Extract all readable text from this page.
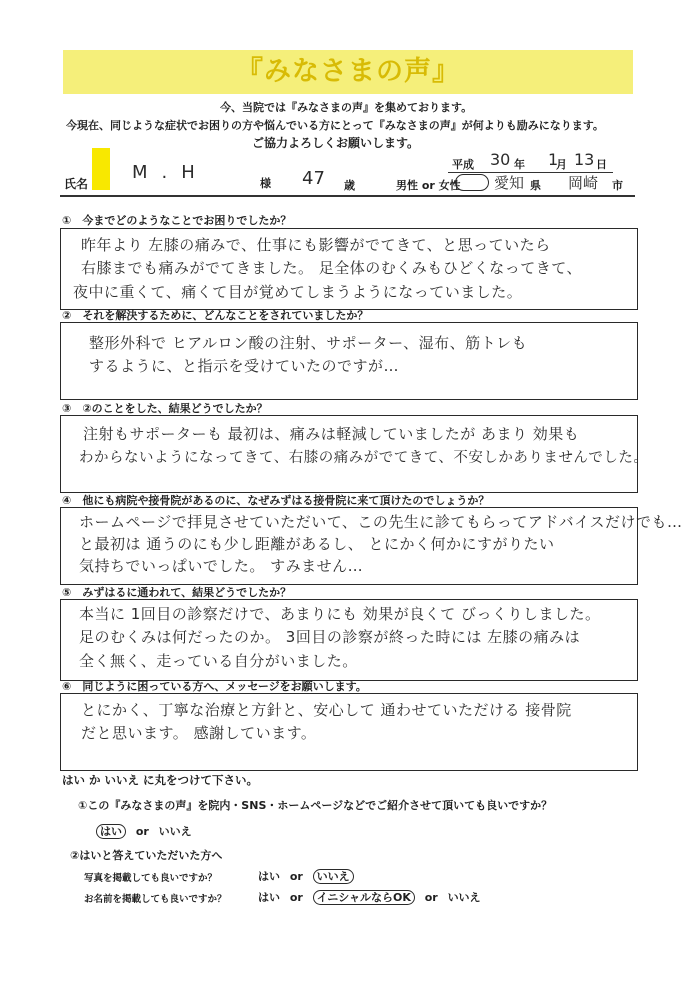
『みなさまの声』
今、当院では『みなさまの声』を集めております。
今現在、同じような症状でお困りの方や悩んでいる方にとって『みなさまの声』が何よりも励みになります。
ご協力よろしくお願いします。
平成 30 年 1
月 13 日
氏名
M.H
様 47 歳	男性 or 女性 愛知 県 岡崎 市
①　 今までどのようなことでお困りでしたか？
昨年より 左膝の痛みで、仕事にも影響がでてきて、と思っていたら
右膝までも痛みがでてきました。 足全体のむくみもひどくなってきて、
夜中に重くて、痛くて目が覚めてしまうようになっていました。
②　 それを解決するために、どんなことをされていましたか？
整形外科で ヒアルロン酸の注射、サポーター、湿布、筋トレも
するように、と指示を受けていたのですが…
③　 ②のことをした、結果どうでしたか？
注射もサポーターも 最初は、痛みは軽減していましたが あまり 効果も
わからないようになってきて、右膝の痛みがでてきて、不安しかありませんでした。
④　 他にも病院や接骨院があるのに、なぜみずはる接骨院に来て頂けたのでしょうか？
ホームページで拝見させていただいて、この先生に診てもらってアドバイスだけでも…
と最初は 通うのにも少し距離があるし、 とにかく何かにすがりたい
気持ちでいっぱいでした。 すみません…
⑤　 みずはるに通われて、結果どうでしたか？
本当に 1回目の診察だけで、あまりにも 効果が良くて びっくりしました。
足のむくみは何だったのか。 3回目の診察が終った時には 左膝の痛みは
全く無く、走っている自分がいました。
⑥　 同じように困っている方へ、メッセージをお願いします。
とにかく、丁寧な治療と方針と、安心して 通わせていただける 接骨院
だと思います。 感謝しています。
はい か いいえ に丸をつけて下さい。
①この『みなさまの声』を院内・SNS・ホームページなどでご紹介させて頂いても良いですか？
はい or いいえ
②はいと答えていただいた方へ
写真を掲載しても良いですか？	はい or いいえ
お名前を掲載しても良いですか？	はい or イニシャルならOK or いいえ
